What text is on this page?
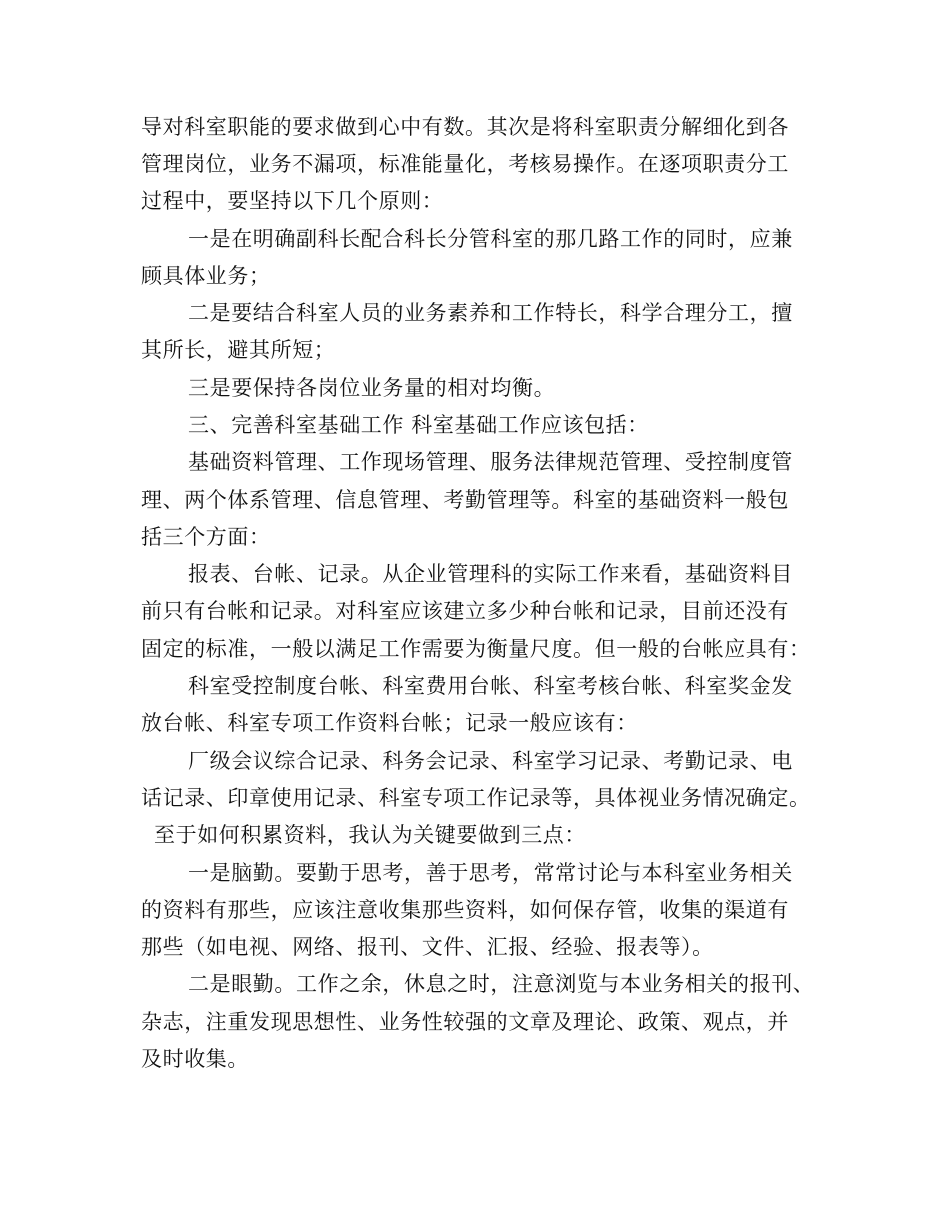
导对科室职能的要求做到心中有数。其次是将科室职责分解细化到各
管理岗位，业务不漏项，标准能量化，考核易操作。在逐项职责分工
过程中，要坚持以下几个原则：
一是在明确副科长配合科长分管科室的那几路工作的同时，应兼
顾具体业务；
二是要结合科室人员的业务素养和工作特长，科学合理分工，擅
其所长，避其所短；
三是要保持各岗位业务量的相对均衡。
三、完善科室基础工作 科室基础工作应该包括：
基础资料管理、工作现场管理、服务法律规范管理、受控制度管
理、两个体系管理、信息管理、考勤管理等。科室的基础资料一般包
括三个方面：
报表、台帐、记录。从企业管理科的实际工作来看，基础资料目
前只有台帐和记录。对科室应该建立多少种台帐和记录，目前还没有
固定的标准，一般以满足工作需要为衡量尺度。但一般的台帐应具有：
科室受控制度台帐、科室费用台帐、科室考核台帐、科室奖金发
放台帐、科室专项工作资料台帐；记录一般应该有：
厂级会议综合记录、科务会记录、科室学习记录、考勤记录、电
话记录、印章使用记录、科室专项工作记录等，具体视业务情况确定。
至于如何积累资料，我认为关键要做到三点：
一是脑勤。要勤于思考，善于思考，常常讨论与本科室业务相关
的资料有那些，应该注意收集那些资料，如何保存管，收集的渠道有
那些（如电视、网络、报刊、文件、汇报、经验、报表等）。
二是眼勤。工作之余，休息之时，注意浏览与本业务相关的报刊、
杂志，注重发现思想性、业务性较强的文章及理论、政策、观点，并
及时收集。
